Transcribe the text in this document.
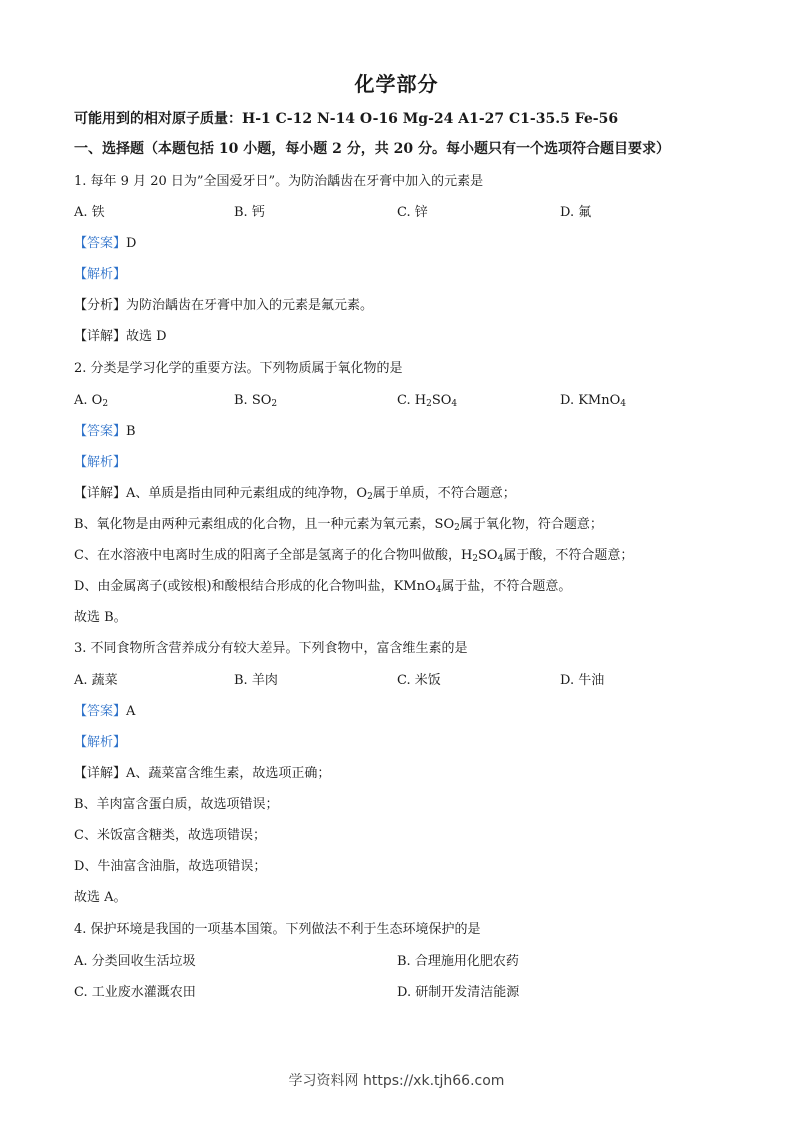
化学部分
可能用到的相对原子质量：H-1 C-12 N-14 O-16 Mg-24 A1-27 C1-35.5 Fe-56
一、选择题（本题包括 10 小题，每小题 2 分，共 20 分。每小题只有一个选项符合题目要求）
1. 每年 9 月 20 日为”全国爱牙日”。为防治龋齿在牙膏中加入的元素是
A. 铁	B. 钙	C. 锌	D. 氟
【答案】D
【解析】
【分析】为防治龋齿在牙膏中加入的元素是氟元素。
【详解】故选 D
2. 分类是学习化学的重要方法。下列物质属于氧化物的是
A. $O_2$	B. $SO_2$	C. $H_2SO_4$	D. KMnO$_4$
【答案】B
【解析】
【详解】A、单质是指由同种元素组成的纯净物，$O_2$属于单质，不符合题意；
B、氧化物是由两种元素组成的化合物，且一种元素为氧元素，$SO_2$属于氧化物，符合题意；
C、在水溶液中电离时生成的阳离子全部是氢离子的化合物叫做酸，$H_2SO_4$属于酸，不符合题意；
D、由金属离子(或铵根)和酸根结合形成的化合物叫盐，KMnO$_4$属于盐，不符合题意。
故选 B。
3. 不同食物所含营养成分有较大差异。下列食物中，富含维生素的是
A. 蔬菜	B. 羊肉	C. 米饭	D. 牛油
【答案】A
【解析】
【详解】A、蔬菜富含维生素，故选项正确；
B、羊肉富含蛋白质，故选项错误；
C、米饭富含糖类，故选项错误；
D、牛油富含油脂，故选项错误；
故选 A。
4. 保护环境是我国的一项基本国策。下列做法不利于生态环境保护的是
A. 分类回收生活垃圾	B. 合理施用化肥农药
C. 工业废水灌溉农田	D. 研制开发清洁能源
学习资料网 https://xk.tjh66.com
